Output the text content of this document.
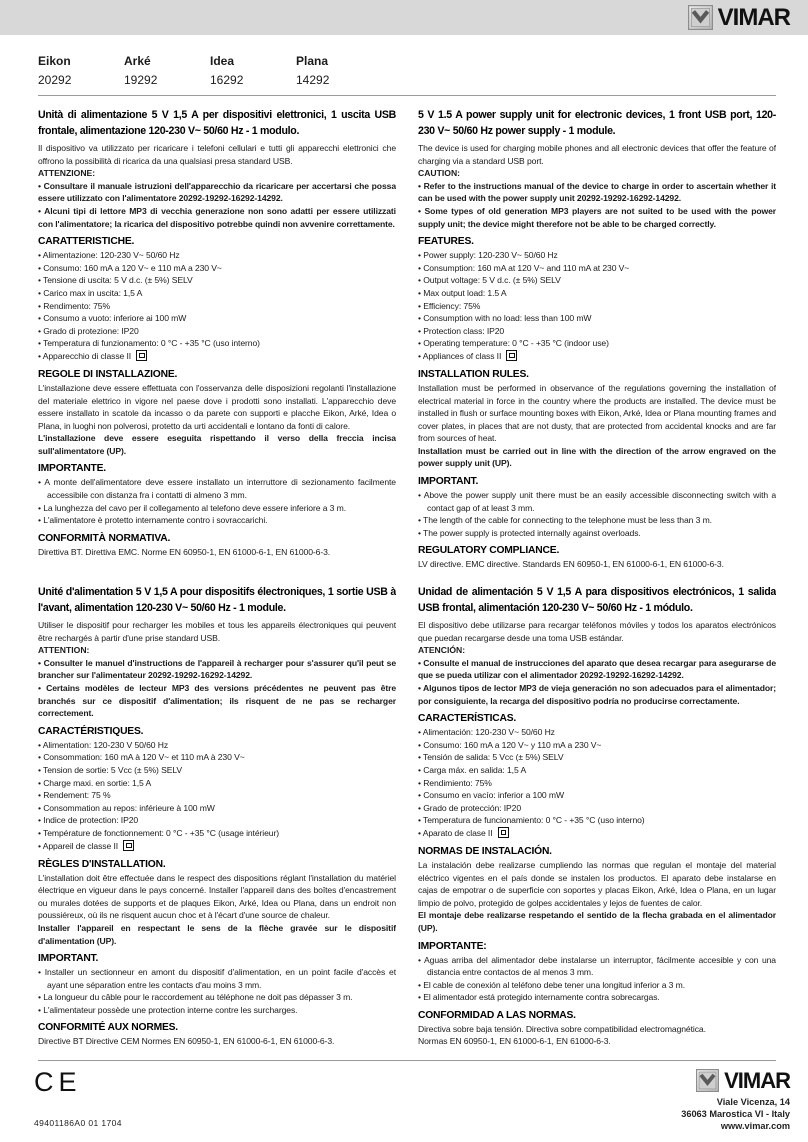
VIMAR
Eikon
20292
Arké
19292
Idea
16292
Plana
14292
Unità di alimentazione 5 V 1,5 A per dispositivi elettronici, 1 uscita USB frontale, alimentazione 120-230 V~ 50/60 Hz - 1 modulo.

Il dispositivo va utilizzato per ricaricare i telefoni cellulari e tutti gli apparecchi elettronici che offrono la possibilità di ricarica da una qualsiasi presa standard USB.

ATTENZIONE:

• Consultare il manuale istruzioni dell'apparecchio da ricaricare per accertarsi che possa essere utilizzato con l'alimentatore 20292-19292-16292-14292.
• Alcuni tipi di lettore MP3 di vecchia generazione non sono adatti per essere utilizzati con l'alimentatore; la ricarica del dispositivo potrebbe quindi non avvenire correttamente.
CARATTERISTICHE.
• Alimentazione: 120-230 V~ 50/60 Hz
• Consumo: 160 mA a 120 V~ e 110 mA a 230 V~
• Tensione di uscita: 5 V d.c. (± 5%) SELV
• Carico max in uscita: 1,5 A
• Rendimento: 75%
• Consumo a vuoto: inferiore ai 100 mW
• Grado di protezione: IP20
• Temperatura di funzionamento: 0 °C - +35 °C (uso interno)
• Apparecchio di classe II
REGOLE DI INSTALLAZIONE.

L'installazione deve essere effettuata con l'osservanza delle disposizioni regolanti l'installazione del materiale elettrico in vigore nel paese dove i prodotti sono installati. L'apparecchio deve essere installato in scatole da incasso o da parete con supporti e placche Eikon, Arké, Idea o Plana, in luoghi non polverosi, protetto da urti accidentali e lontano da fonti di calore.

L'installazione deve essere eseguita rispettando il verso della freccia incisa sull'alimentatore (UP).

IMPORTANTE.
• A monte dell'alimentatore deve essere installato un interruttore di sezionamento facilmente accessibile con distanza fra i contatti di almeno 3 mm.
• La lunghezza del cavo per il collegamento al telefono deve essere inferiore a 3 m.
• L'alimentatore è protetto internamente contro i sovraccarichi.
CONFORMITÀ NORMATIVA.

Direttiva BT. Direttiva EMC. Norme EN 60950-1, EN 61000-6-1, EN 61000-6-3.

5 V 1.5 A power supply unit for electronic devices, 1 front USB port, 120-230 V~ 50/60 Hz power supply - 1 module.

The device is used for charging mobile phones and all electronic devices that offer the feature of charging via a standard USB port.

CAUTION:

• Refer to the instructions manual of the device to charge in order to ascertain whether it can be used with the power supply unit 20292-19292-16292-14292.
• Some types of old generation MP3 players are not suited to be used with the power supply unit; the device might therefore not be able to be charged correctly.
FEATURES.
• Power supply: 120-230 V~ 50/60 Hz
• Consumption: 160 mA at 120 V~ and 110 mA at 230 V~
• Output voltage: 5 V d.c. (± 5%) SELV
• Max output load: 1.5 A
• Efficiency: 75%
• Consumption with no load: less than 100 mW
• Protection class: IP20
• Operating temperature: 0 °C - +35 °C (indoor use)
• Appliances of class II
INSTALLATION RULES.

Installation must be performed in observance of the regulations governing the installation of electrical material in force in the country where the products are installed. The device must be installed in flush or surface mounting boxes with Eikon, Arké, Idea or Plana mounting frames and cover plates, in places that are not dusty, that are protected from accidental knocks and are far from sources of heat.

Installation must be carried out in line with the direction of the arrow engraved on the power supply unit (UP).

IMPORTANT.
• Above the power supply unit there must be an easily accessible disconnecting switch with a contact gap of at least 3 mm.
• The length of the cable for connecting to the telephone must be less than 3 m.
• The power supply is protected internally against overloads.
REGULATORY COMPLIANCE.

LV directive. EMC directive. Standards EN 60950-1, EN 61000-6-1, EN 61000-6-3.

Unité d'alimentation 5 V 1,5 A pour dispositifs électroniques, 1 sortie USB à l'avant, alimentation 120-230 V~ 50/60 Hz - 1 module.

Utiliser le dispositif pour recharger les mobiles et tous les appareils électroniques qui peuvent être rechargés à partir d'une prise standard USB.

ATTENTION:

• Consulter le manuel d'instructions de l'appareil à recharger pour s'assurer qu'il peut se brancher sur l'alimentateur 20292-19292-16292-14292.
• Certains modèles de lecteur MP3 des versions précédentes ne peuvent pas être branchés sur ce dispositif d'alimentation; ils risquent de ne pas se recharger correctement.
CARACTÉRISTIQUES.
• Alimentation: 120-230 V 50/60 Hz
• Consommation: 160 mA à 120 V~ et 110 mA à 230 V~
• Tension de sortie: 5 Vcc (± 5%) SELV
• Charge maxi. en sortie: 1,5 A
• Rendement: 75 %
• Consommation au repos: inférieure à 100 mW
• Indice de protection: IP20
• Température de fonctionnement: 0 °C - +35 °C (usage intérieur)
• Appareil de classe II
RÈGLES D'INSTALLATION.

L'installation doit être effectuée dans le respect des dispositions réglant l'installation du matériel électrique en vigueur dans le pays concerné. Installer l'appareil dans des boîtes d'encastrement ou murales dotées de supports et de plaques Eikon, Arké, Idea ou Plana, dans un endroit non poussiéreux, où ils ne risquent aucun choc et à l'écart d'une source de chaleur.

Installer l'appareil en respectant le sens de la flèche gravée sur le dispositif d'alimentation (UP).

IMPORTANT.
• Installer un sectionneur en amont du dispositif d'alimentation, en un point facile d'accès et ayant une séparation entre les contacts d'au moins 3 mm.
• La longueur du câble pour le raccordement au téléphone ne doit pas dépasser 3 m.
• L'alimentateur possède une protection interne contre les surcharges.
CONFORMITÉ AUX NORMES.

Directive BT Directive CEM Normes EN 60950-1, EN 61000-6-1, EN 61000-6-3.

Unidad de alimentación 5 V 1,5 A para dispositivos electrónicos, 1 salida USB frontal, alimentación 120-230 V~ 50/60 Hz - 1 módulo.

El dispositivo debe utilizarse para recargar teléfonos móviles y todos los aparatos electrónicos que puedan recargarse desde una toma USB estándar.

ATENCIÓN:

• Consulte el manual de instrucciones del aparato que desea recargar para asegurarse de que se pueda utilizar con el alimentador 20292-19292-16292-14292.
• Algunos tipos de lector MP3 de vieja generación no son adecuados para el alimentador; por consiguiente, la recarga del dispositivo podría no producirse correctamente.
CARACTERÍSTICAS.
• Alimentación: 120-230 V~ 50/60 Hz
• Consumo: 160 mA a 120 V~ y 110 mA a 230 V~
• Tensión de salida: 5 Vcc (± 5%) SELV
• Carga máx. en salida: 1,5 A
• Rendimiento: 75%
• Consumo en vacío: inferior a 100 mW
• Grado de protección: IP20
• Temperatura de funcionamiento: 0 °C - +35 °C (uso interno)
• Aparato de clase II
NORMAS DE INSTALACIÓN.

La instalación debe realizarse cumpliendo las normas que regulan el montaje del material eléctrico vigentes en el país donde se instalen los productos. El aparato debe instalarse en cajas de empotrar o de superficie con soportes y placas Eikon, Arké, Idea o Plana, en un lugar limpio de polvo, protegido de golpes accidentales y lejos de fuentes de calor.

El montaje debe realizarse respetando el sentido de la flecha grabada en el alimentador (UP).

IMPORTANTE:
• Aguas arriba del alimentador debe instalarse un interruptor, fácilmente accesible y con una distancia entre contactos de al menos 3 mm.
• El cable de conexión al teléfono debe tener una longitud inferior a 3 m.
• El alimentador está protegido internamente contra sobrecargas.
CONFORMIDAD A LAS NORMAS.

Directiva sobre baja tensión. Directiva sobre compatibilidad electromagnética.
Normas EN 60950-1, EN 61000-6-1, EN 61000-6-3.

CE
49401186A0 01 1704
VIMAR
Viale Vicenza, 14
36063 Marostica VI - Italy
www.vimar.com
